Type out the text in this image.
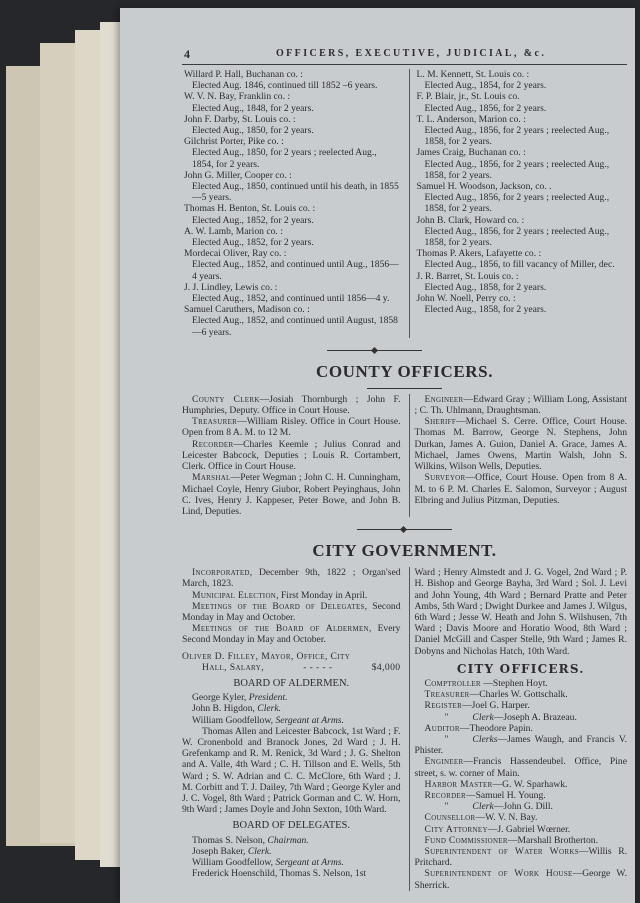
4	OFFICERS, EXECUTIVE, JUDICIAL, &c.
Willard P. Hall, Buchanan co. :
Elected Aug. 1846, continued till 1852 –6 years.
W. V. N. Bay, Franklin co. :
Elected Aug., 1848, for 2 years.
John F. Darby, St. Louis co. :
Elected Aug., 1850, for 2 years.
Gilchrist Porter, Pike co. :
Elected Aug., 1850, for 2 years ; reelected Aug., 1854, for 2 years.
John G. Miller, Cooper co. :
Elected Aug., 1850, continued until his death, in 1855—5 years.
Thomas H. Benton, St. Louis co. :
Elected Aug., 1852, for 2 years.
A. W. Lamb, Marion co. :
Elected Aug., 1852, for 2 years.
Mordecai Oliver, Ray co. :
Elected Aug., 1852, and continued until Aug., 1856—4 years.
J. J. Lindley, Lewis co. :
Elected Aug., 1852, and continued until 1856—4 y.
Samuel Caruthers, Madison co. :
Elected Aug., 1852, and continued until August, 1858—6 years.
L. M. Kennett, St. Louis co. :
Elected Aug., 1854, for 2 years.
F. P. Blair, jr., St. Louis co.
Elected Aug., 1856, for 2 years.
T. L. Anderson, Marion co. :
Elected Aug., 1856, for 2 years ; reelected Aug., 1858, for 2 years.
James Craig, Buchanan co. :
Elected Aug., 1856, for 2 years ; reelected Aug., 1858, for 2 years.
Samuel H. Woodson, Jackson, co. .
Elected Aug., 1856, for 2 years ; reelected Aug., 1858, for 2 years.
John B. Clark, Howard co. :
Elected Aug., 1856, for 2 years ; reelected Aug., 1858, for 2 years.
Thomas P. Akers, Lafayette co. :
Elected Aug., 1856, to fill vacancy of Miller, dec.
J. R. Barret, St. Louis co. :
Elected Aug., 1858, for 2 years.
John W. Noell, Perry co. :
Elected Aug., 1858, for 2 years.
COUNTY OFFICERS.
County Clerk—Josiah Thornburgh ; John F. Humphries, Deputy. Office in Court House.
Treasurer—William Risley. Office in Court House. Open from 8 A. M. to 12 M.
Recorder—Charles Keemle ; Julius Conrad and Leicester Babcock, Deputies ; Louis R. Cortambert, Clerk. Office in Court House.
Marshal—Peter Wegman ; John C. H. Cunningham, Michael Coyle, Henry Giubor, Robert Peyinghaus, John C. Ives, Henry J. Kappeser, Peter Bowe, and John B. Lind, Deputies.
Engineer—Edward Gray ; William Long, Assistant ; C. Th. Uhlmann, Draughtsman.
Sheriff—Michael S. Cerre. Office, Court House. Thomas M. Barrow, George N. Stephens, John Durkan, James A. Guion, Daniel A. Grace, James A. Michael, James Owens, Martin Walsh, John S. Wilkins, Wilson Wells, Deputies.
Surveyor—Office, Court House. Open from 8 A. M. to 6 P. M. Charles E. Salomon, Surveyor ; August Elbring and Julius Pitzman, Deputies.
CITY GOVERNMENT.
Incorporated, December 9th, 1822 ; Organ'sed March, 1823.
Municipal Election, First Monday in April.
Meetings of the Board of Delegates, Second Monday in May and October.
Meetings of the Board of Aldermen, Every Second Monday in May and October.
Oliver D. Filley, Mayor, Office, City
Hall, Salary,	- - - - -	$4,000
BOARD OF ALDERMEN.
George Kyler, President.
John B. Higdon, Clerk.
William Goodfellow, Sergeant at Arms.
Thomas Allen and Leicester Babcock, 1st Ward ; F. W. Cronenbold and Branock Jones, 2d Ward ; J. H. Grefenkamp and R. M. Renick, 3d Ward ; J. G. Shelton and A. Valle, 4th Ward ; C. H. Tillson and E. Wells, 5th Ward ; S. W. Adrian and C. C. McClore, 6th Ward ; J. M. Corbitt and T. J. Dailey, 7th Ward ; George Kyler and J. C. Vogel, 8th Ward ; Patrick Gorman and C. W. Horn, 9th Ward ; James Doyle and John Sexton, 10th Ward.
BOARD OF DELEGATES.
Thomas S. Nelson, Chairman.
Joseph Baker, Clerk.
William Goodfellow, Sergeant at Arms.
Frederick Hoenschild, Thomas S. Nelson, 1st
Ward ; Henry Almstedt and J. G. Vogel, 2nd Ward ; P. H. Bishop and George Bayha, 3rd Ward ; Sol. J. Levi and John Young, 4th Ward ; Bernard Pratte and Peter Ambs, 5th Ward ; Dwight Durkee and James J. Wilgus, 6th Ward ; Jesse W. Heath and John S. Wilshusen, 7th Ward ; Davis Moore and Horatio Wood, 8th Ward ; Daniel McGill and Casper Stelle, 9th Ward ; James R. Dobyns and Nicholas Hatch, 10th Ward.
CITY OFFICERS.
Comptroller —Stephen Hoyt.
Treasurer—Charles W. Gottschalk.
Register—Joel G. Harper.
"	Clerk—Joseph A. Brazeau.
Auditor—Theodore Papin.
"	Clerks—James Waugh, and Francis V. Phister.
Engineer—Francis Hassendeubel. Office, Pine street, s. w. corner of Main.
Harbor Master—G. W. Sparhawk.
Recorder—Samuel H. Young.
"	Clerk—John G. Dill.
Counsellor—W. V. N. Bay.
City Attorney—J. Gabriel Wœrner.
Fund Commissioner—Marshall Brotherton.
Superintendent of Water Works—Willis R. Pritchard.
Superintendent of Work House—George W. Sherrick.
